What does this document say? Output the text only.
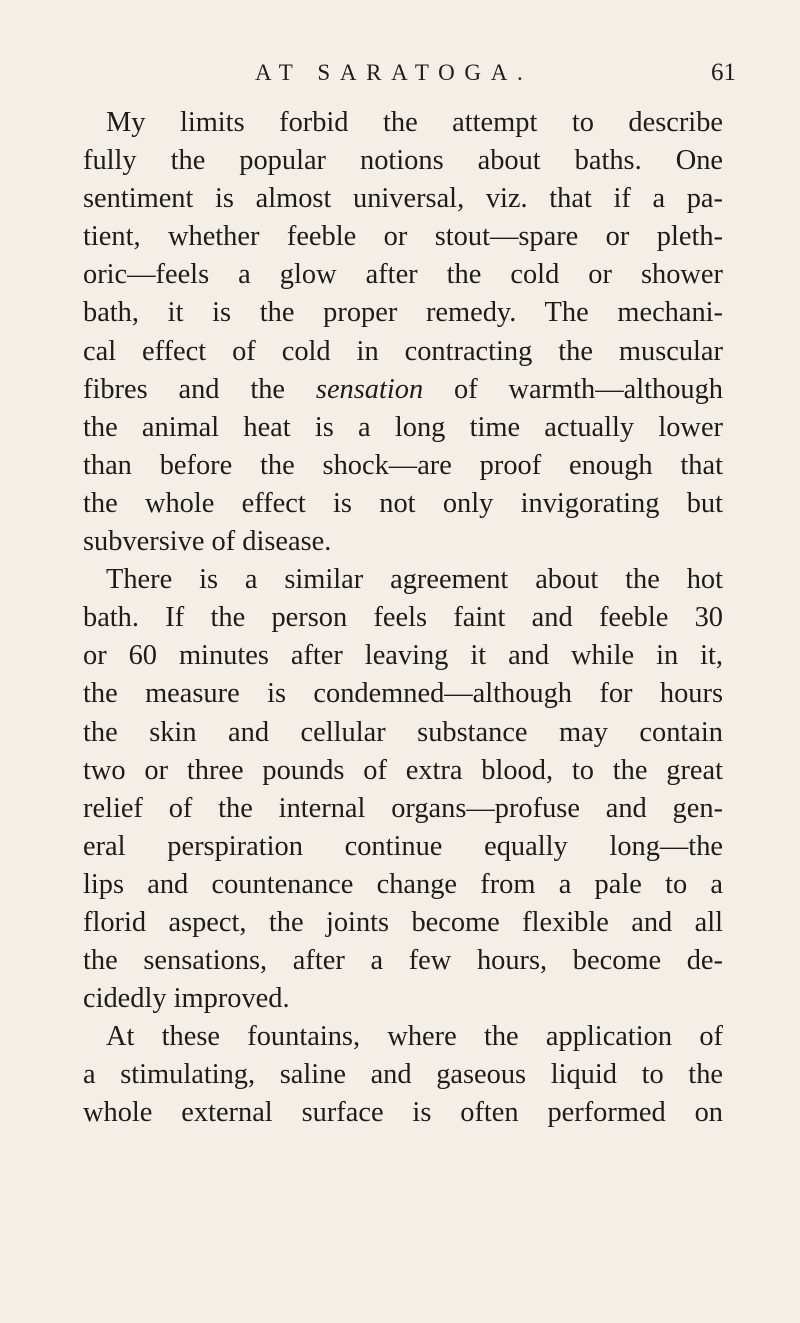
AT SARATOGA.	61
My limits forbid the attempt to describe
fully the popular notions about baths. One
sentiment is almost universal, viz. that if a pa-
tient, whether feeble or stout—spare or pleth-
oric—feels a glow after the cold or shower
bath, it is the proper remedy. The mechani-
cal effect of cold in contracting the muscular
fibres and the sensation of warmth—although
the animal heat is a long time actually lower
than before the shock—are proof enough that
the whole effect is not only invigorating but
subversive of disease.
There is a similar agreement about the hot
bath. If the person feels faint and feeble 30
or 60 minutes after leaving it and while in it,
the measure is condemned—although for hours
the skin and cellular substance may contain
two or three pounds of extra blood, to the great
relief of the internal organs—profuse and gen-
eral perspiration continue equally long—the
lips and countenance change from a pale to a
florid aspect, the joints become flexible and all
the sensations, after a few hours, become de-
cidedly improved.
At these fountains, where the application of
a stimulating, saline and gaseous liquid to the
whole external surface is often performed on
